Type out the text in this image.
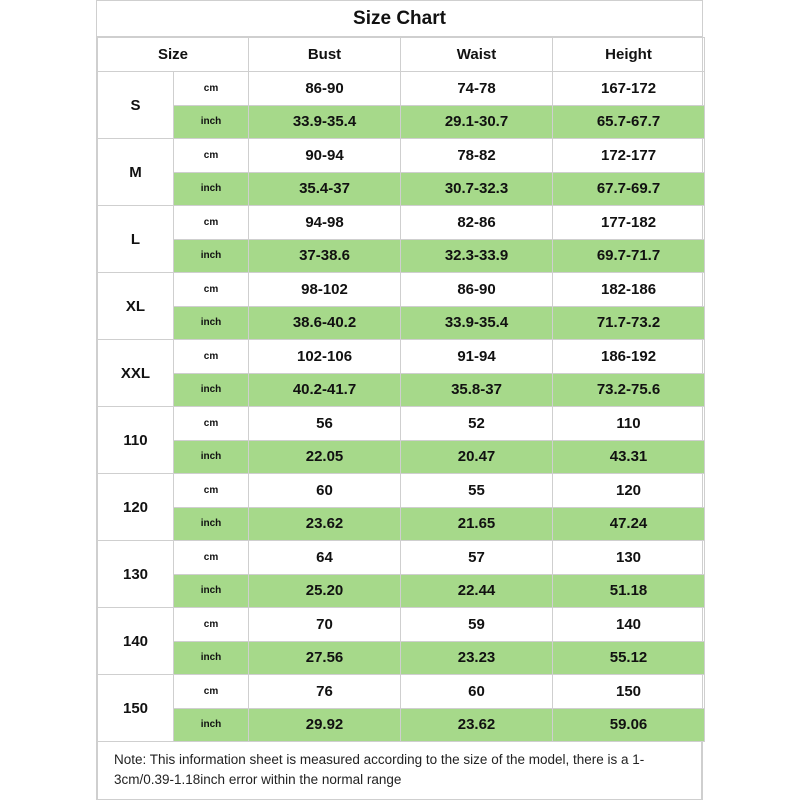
Size Chart
Size		Bust	Waist	Height
S	cm	86-90	74-78	167-172
	inch	33.9-35.4	29.1-30.7	65.7-67.7
M	cm	90-94	78-82	172-177
	inch	35.4-37	30.7-32.3	67.7-69.7
L	cm	94-98	82-86	177-182
	inch	37-38.6	32.3-33.9	69.7-71.7
XL	cm	98-102	86-90	182-186
	inch	38.6-40.2	33.9-35.4	71.7-73.2
XXL	cm	102-106	91-94	186-192
	inch	40.2-41.7	35.8-37	73.2-75.6
110	cm	56	52	110
	inch	22.05	20.47	43.31
120	cm	60	55	120
	inch	23.62	21.65	47.24
130	cm	64	57	130
	inch	25.20	22.44	51.18
140	cm	70	59	140
	inch	27.56	23.23	55.12
150	cm	76	60	150
	inch	29.92	23.62	59.06
Note: This information sheet is measured according to the size of the model, there is a 1-3cm/0.39-1.18inch error within the normal range
